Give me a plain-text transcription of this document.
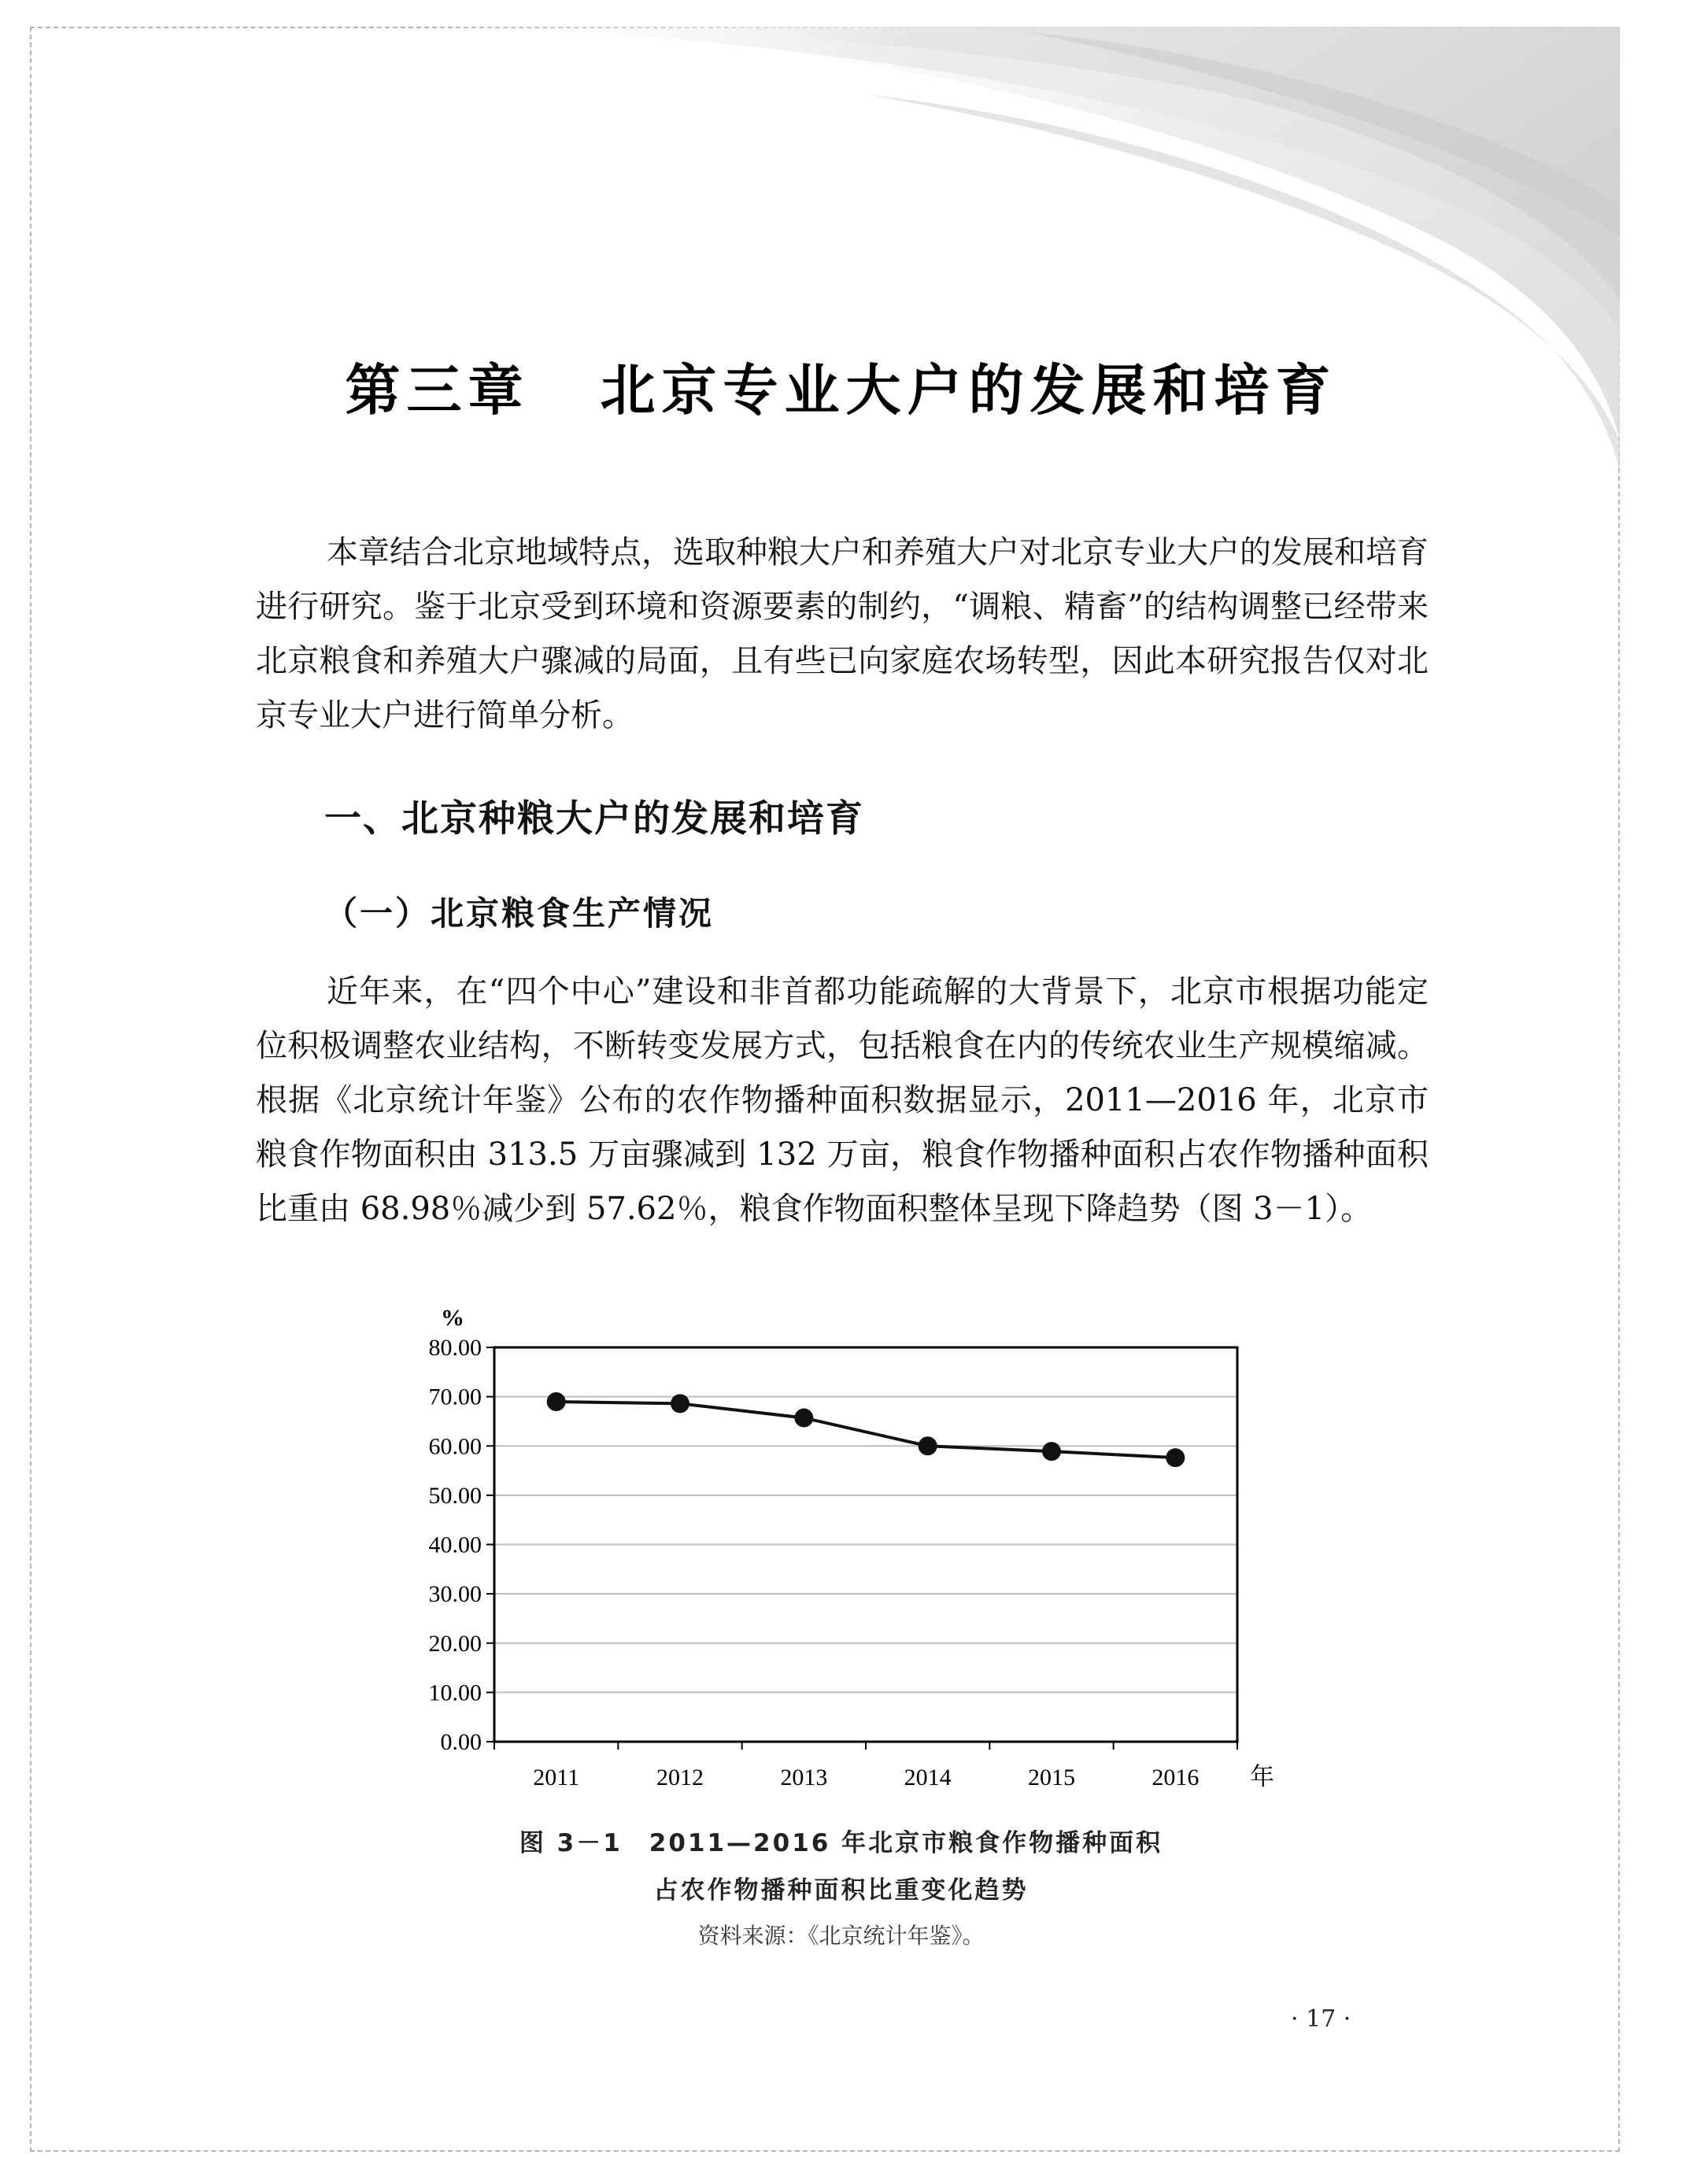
第三章 北京专业大户的发展和培育

本章结合北京地域特点，选取种粮大户和养殖大户对北京专业大户的发展和培育进行研究。鉴于北京受到环境和资源要素的制约，“调粮、精畜”的结构调整已经带来北京粮食和养殖大户骤减的局面，且有些已向家庭农场转型，因此本研究报告仅对北京专业大户进行简单分析。

一、北京种粮大户的发展和培育
（一）北京粮食生产情况

近年来，在“四个中心”建设和非首都功能疏解的大背景下，北京市根据功能定位积极调整农业结构，不断转变发展方式，包括粮食在内的传统农业生产规模缩减。根据《北京统计年鉴》公布的农作物播种面积数据显示，2011—2016 年，北京市粮食作物面积由 313.5 万亩骤减到 132 万亩，粮食作物播种面积占农作物播种面积比重由 68.98％减少到 57.62％，粮食作物面积整体呈现下降趋势（图 3－1）。

0.00
10.00
20.00
30.00
40.00
50.00
60.00
70.00
80.00
2011	2012	2013	2014	2015	2016
%
年
图 3－1　2011—2016 年北京市粮食作物播种面积
占农作物播种面积比重变化趋势
资料来源：《北京统计年鉴》。
· 17 ·
